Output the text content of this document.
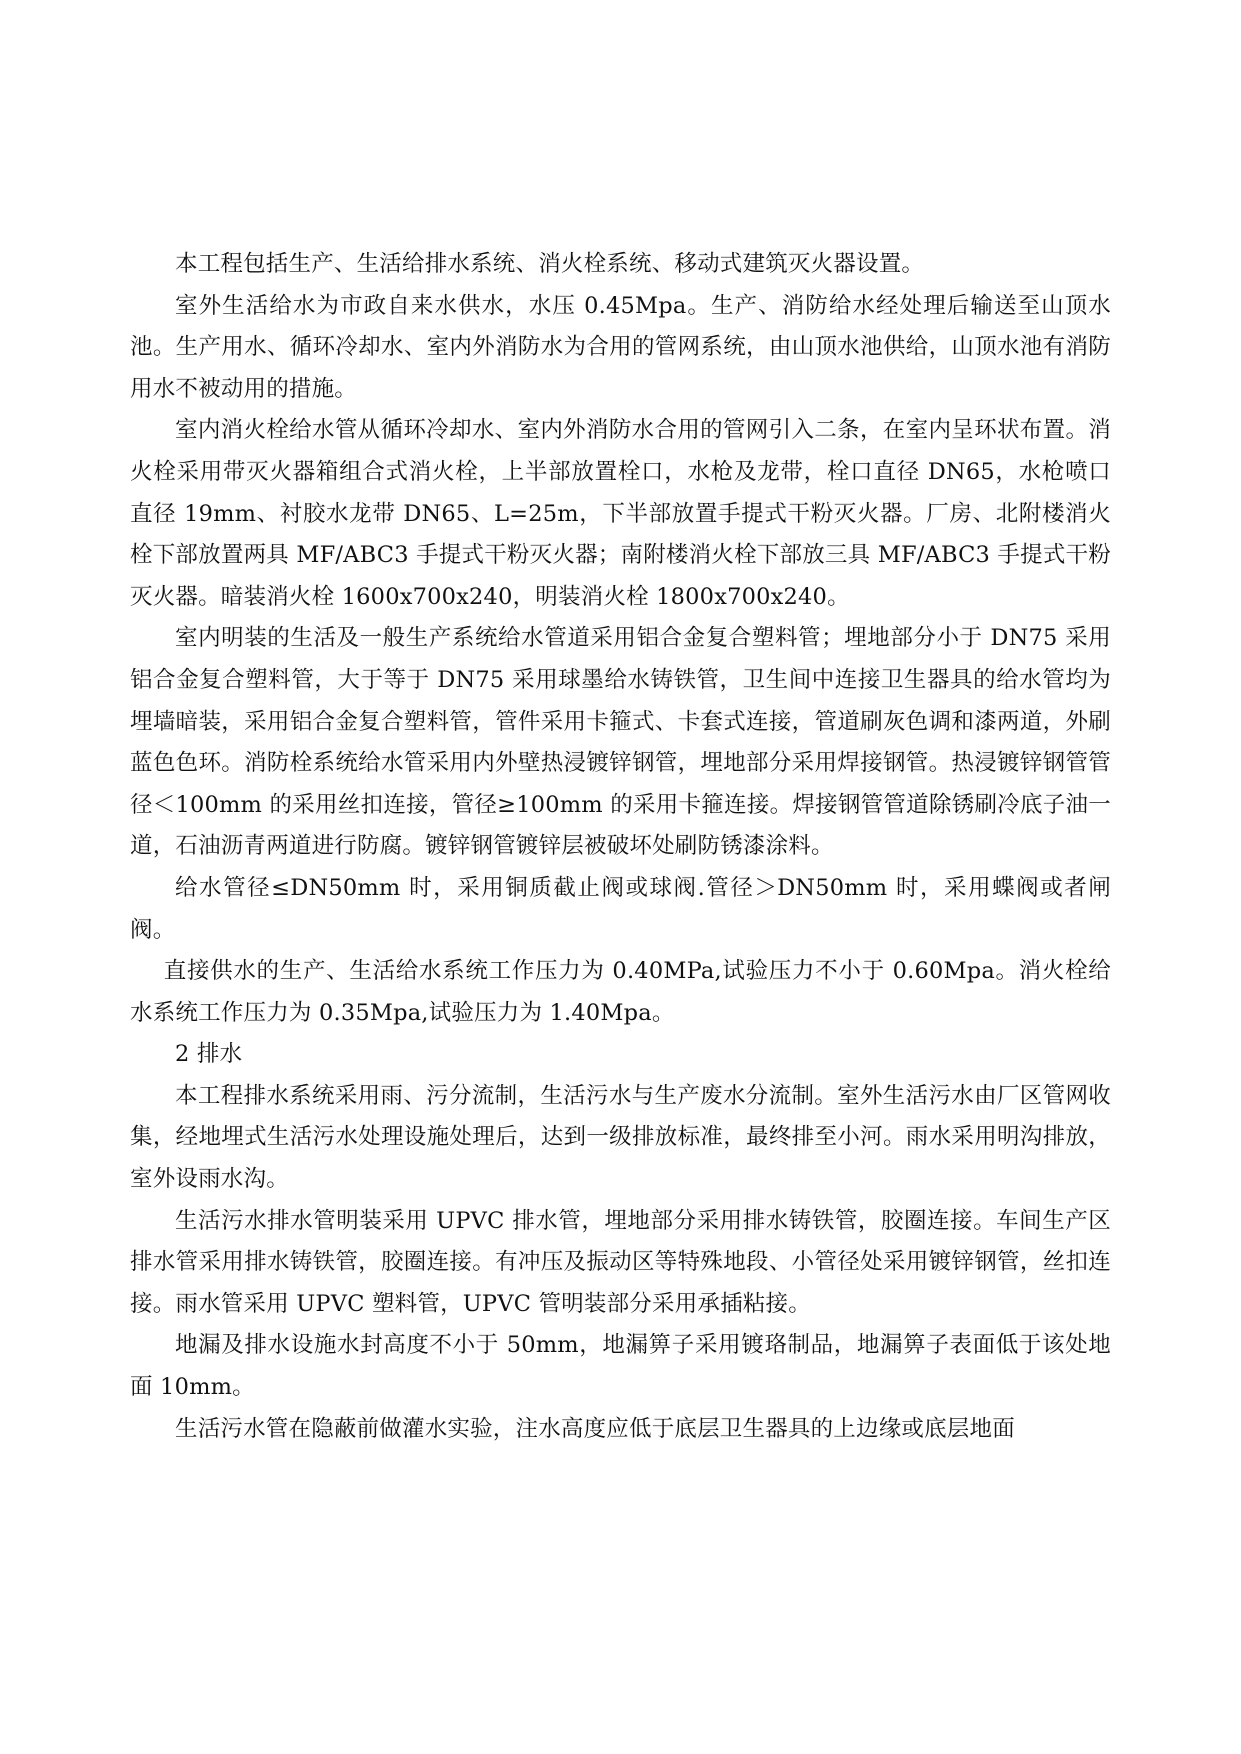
本工程包括生产、生活给排水系统、消火栓系统、移动式建筑灭火器设置。

室外生活给水为市政自来水供水，水压 0.45Mpa。生产、消防给水经处理后输送至山顶水池。生产用水、循环冷却水、室内外消防水为合用的管网系统，由山顶水池供给，山顶水池有消防用水不被动用的措施。

室内消火栓给水管从循环冷却水、室内外消防水合用的管网引入二条，在室内呈环状布置。消火栓采用带灭火器箱组合式消火栓，上半部放置栓口，水枪及龙带，栓口直径 DN65，水枪喷口直径 19mm、衬胶水龙带 DN65、L=25m，下半部放置手提式干粉灭火器。厂房、北附楼消火栓下部放置两具 MF/ABC3 手提式干粉灭火器；南附楼消火栓下部放三具 MF/ABC3 手提式干粉灭火器。暗装消火栓 1600x700x240，明装消火栓 1800x700x240。

室内明装的生活及一般生产系统给水管道采用铝合金复合塑料管；埋地部分小于 DN75 采用铝合金复合塑料管，大于等于 DN75 采用球墨给水铸铁管，卫生间中连接卫生器具的给水管均为埋墙暗装，采用铝合金复合塑料管，管件采用卡箍式、卡套式连接，管道刷灰色调和漆两道，外刷蓝色色环。消防栓系统给水管采用内外壁热浸镀锌钢管，埋地部分采用焊接钢管。热浸镀锌钢管管径＜100mm 的采用丝扣连接，管径≥100mm 的采用卡箍连接。焊接钢管管道除锈刷冷底子油一道，石油沥青两道进行防腐。镀锌钢管镀锌层被破坏处刷防锈漆涂料。

给水管径≤DN50mm 时，采用铜质截止阀或球阀.管径＞DN50mm 时，采用蝶阀或者闸阀。

直接供水的生产、生活给水系统工作压力为 0.40MPa,试验压力不小于 0.60Mpa。消火栓给水系统工作压力为 0.35Mpa,试验压力为 1.40Mpa。

2 排水

本工程排水系统采用雨、污分流制，生活污水与生产废水分流制。室外生活污水由厂区管网收集，经地埋式生活污水处理设施处理后，达到一级排放标准，最终排至小河。雨水采用明沟排放，室外设雨水沟。

生活污水排水管明装采用 UPVC 排水管，埋地部分采用排水铸铁管，胶圈连接。车间生产区排水管采用排水铸铁管，胶圈连接。有冲压及振动区等特殊地段、小管径处采用镀锌钢管，丝扣连接。雨水管采用 UPVC 塑料管，UPVC 管明装部分采用承插粘接。

地漏及排水设施水封高度不小于 50mm，地漏箅子采用镀珞制品，地漏箅子表面低于该处地面 10mm。

生活污水管在隐蔽前做灌水实验，注水高度应低于底层卫生器具的上边缘或底层地面
